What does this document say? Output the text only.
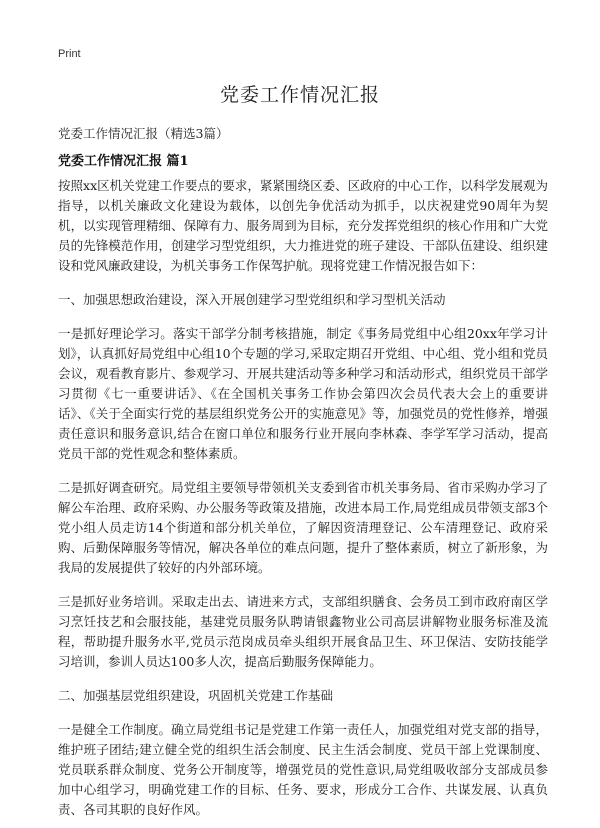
Print
党委工作情况汇报
党委工作情况汇报（精选3篇）
党委工作情况汇报 篇1

按照xx区机关党建工作要点的要求，紧紧围绕区委、区政府的中心工作，以科学发展观为指导，以机关廉政文化建设为载体，以创先争优活动为抓手，以庆祝建党90周年为契机，以实现管理精细、保障有力、服务周到为目标，充分发挥党组织的核心作用和广大党员的先锋模范作用，创建学习型党组织，大力推进党的班子建设、干部队伍建设、组织建设和党风廉政建设，为机关事务工作保驾护航。现将党建工作情况报告如下：

一、加强思想政治建设，深入开展创建学习型党组织和学习型机关活动

一是抓好理论学习。落实干部学分制考核措施，制定《事务局党组中心组20xx年学习计划》，认真抓好局党组中心组10个专题的学习,采取定期召开党组、中心组、党小组和党员会议，观看教育影片、参观学习、开展共建活动等多种学习和活动形式，组织党员干部学习贯彻《七一重要讲话》、《在全国机关事务工作协会第四次会员代表大会上的重要讲话》、《关于全面实行党的基层组织党务公开的实施意见》等，加强党员的党性修养，增强责任意识和服务意识,结合在窗口单位和服务行业开展向李林森、李学军学习活动，提高党员干部的党性观念和整体素质。

二是抓好调查研究。局党组主要领导带领机关支委到省市机关事务局、省市采购办学习了解公车治理、政府采购、办公服务等政策及措施，改进本局工作,局党组成员带领支部3个党小组人员走访14个街道和部分机关单位，了解因资清理登记、公车清理登记、政府采购、后勤保障服务等情况，解决各单位的难点问题，提升了整体素质，树立了新形象，为我局的发展提供了较好的内外部环境。

三是抓好业务培训。采取走出去、请进来方式，支部组织膳食、会务员工到市政府南区学习烹饪技艺和会服技能，基建党员服务队聘请银鑫物业公司高层讲解物业服务标准及流程，帮助提升服务水平,党员示范岗成员牵头组织开展食品卫生、环卫保洁、安防技能学习培训，参训人员达100多人次，提高后勤服务保障能力。

二、加强基层党组织建设，巩固机关党建工作基础

一是健全工作制度。确立局党组书记是党建工作第一责任人，加强党组对党支部的指导，维护班子团结;建立健全党的组织生活会制度、民主生活会制度、党员干部上党课制度、党员联系群众制度、党务公开制度等，增强党员的党性意识,局党组吸收部分支部成员参加中心组学习，明确党建工作的目标、任务、要求，形成分工合作、共谋发展、认真负责、各司其职的良好作风。
